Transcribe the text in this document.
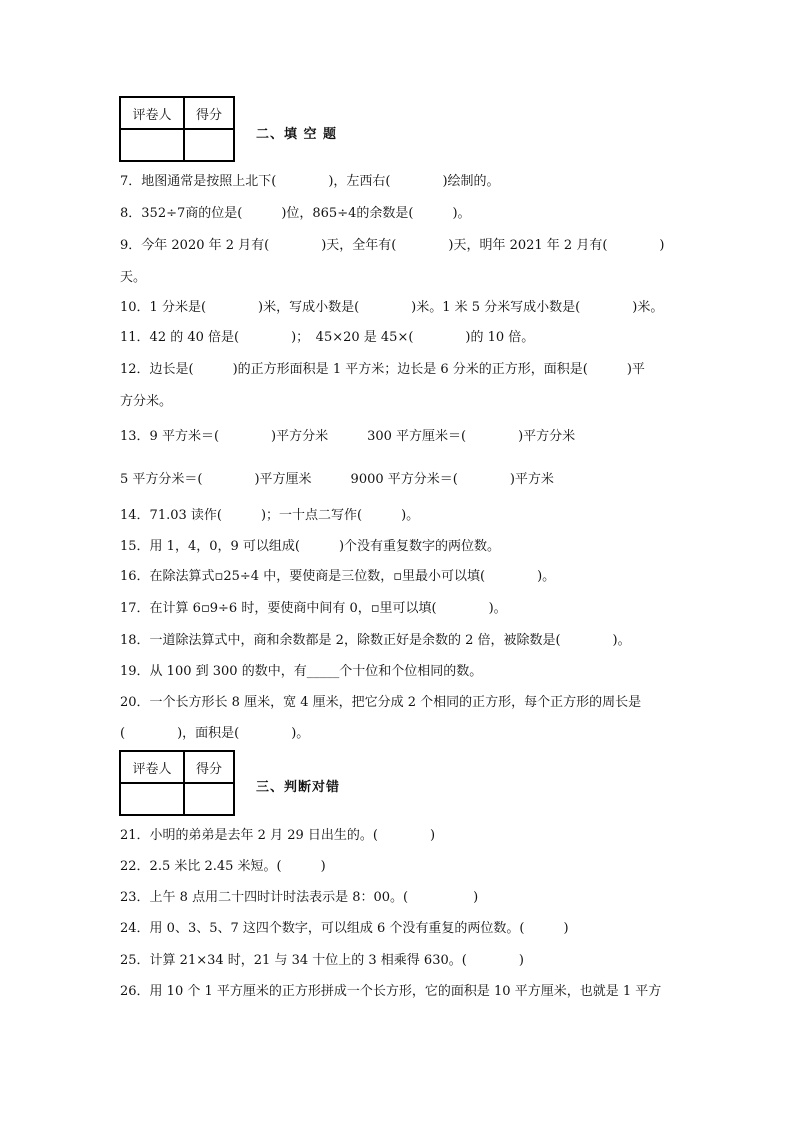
评卷人	得分

二、填 空 题
7．地图通常是按照上北下(　　　　)，左西右(　　　　)绘制的。
8．352÷7商的位是(　　　)位，865÷4的余数是(　　　)。
9．今年 2020 年 2 月有(　　　　)天，全年有(　　　　)天，明年 2021 年 2 月有(　　　　)
天。
10．1 分米是(　　　　)米，写成小数是(　　　　)米。1 米 5 分米写成小数是(　　　　)米。
11．42 的 40 倍是(　　　　)；　45×20 是 45×(　　　　)的 10 倍。
12．边长是(　　　)的正方形面积是 1 平方米；边长是 6 分米的正方形，面积是(　　　)平
方分米。
13．9 平方米＝(　　　　)平方分米　　　300 平方厘米＝(　　　　)平方分米
5 平方分米＝(　　　　)平方厘米　　　9000 平方分米＝(　　　　)平方米
14．71.03 读作(　　　)；一十点二写作(　　　)。
15．用 1，4，0，9 可以组成(　　　)个没有重复数字的两位数。
16．在除法算式▫25÷4 中，要使商是三位数，▫里最小可以填(　　　　)。
17．在计算 6▫9÷6 时，要使商中间有 0，▫里可以填(　　　　)。
18．一道除法算式中，商和余数都是 2，除数正好是余数的 2 倍，被除数是(　　　　)。
19．从 100 到 300 的数中，有_____个十位和个位相同的数。
20．一个长方形长 8 厘米，宽 4 厘米，把它分成 2 个相同的正方形，每个正方形的周长是
(　　　　)，面积是(　　　　)。
评卷人	得分

三、判断对错
21．小明的弟弟是去年 2 月 29 日出生的。(　　　　)
22．2.5 米比 2.45 米短。(　　　)
23．上午 8 点用二十四时计时法表示是 8：00。(　　　　　)
24．用 0、3、5、7 这四个数字，可以组成 6 个没有重复的两位数。(　　　)
25．计算 21×34 时，21 与 34 十位上的 3 相乘得 630。(　　　　)
26．用 10 个 1 平方厘米的正方形拼成一个长方形，它的面积是 10 平方厘米，也就是 1 平方
